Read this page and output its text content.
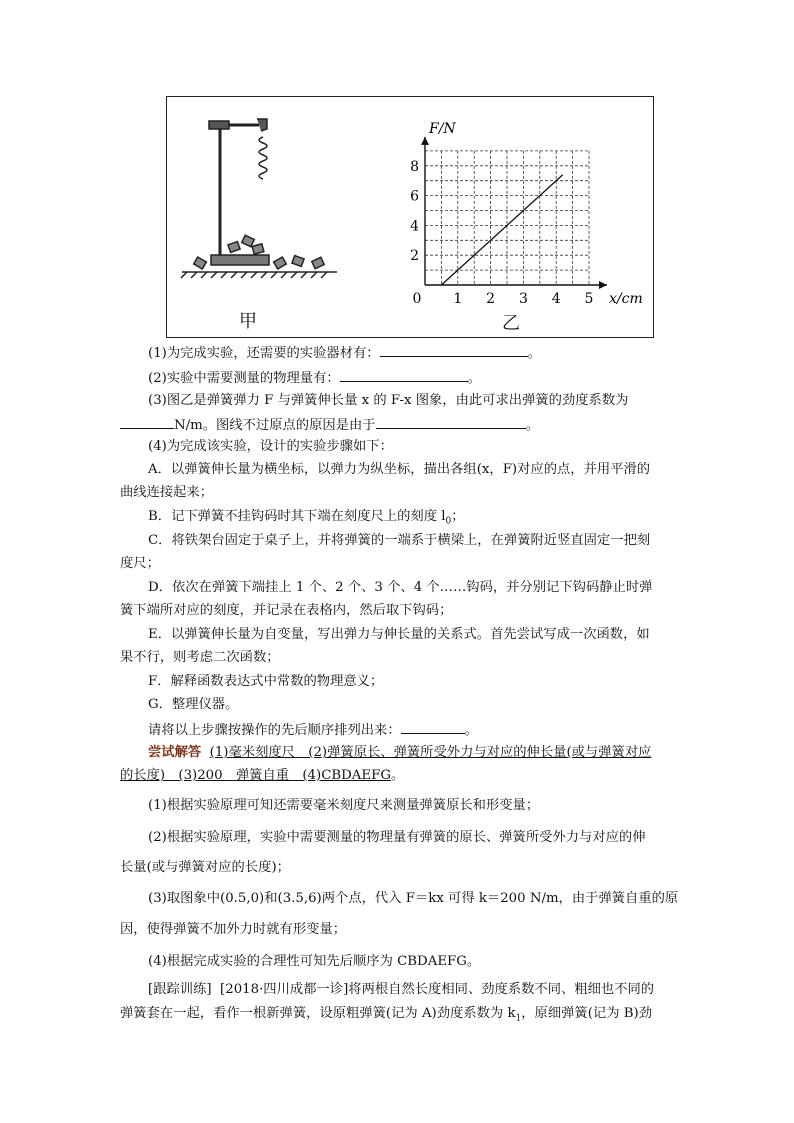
1 2 3 4 5
2
4
6
8
0	x/cm
F/N
甲	乙
(1)为完成实验，还需要的实验器材有：	。
(2)实验中需要测量的物理量有：	。
(3)图乙是弹簧弹力 F 与弹簧伸长量 x 的 F-x 图象，由此可求出弹簧的劲度系数为
N/m。图线不过原点的原因是由于	。
(4)为完成该实验，设计的实验步骤如下：
A．以弹簧伸长量为横坐标，以弹力为纵坐标，描出各组(x，F)对应的点，并用平滑的
曲线连接起来；
B．记下弹簧不挂钩码时其下端在刻度尺上的刻度 $l_0$；
C．将铁架台固定于桌子上，并将弹簧的一端系于横梁上，在弹簧附近竖直固定一把刻
度尺；
D．依次在弹簧下端挂上 1 个、2 个、3 个、4 个……钩码，并分别记下钩码静止时弹
簧下端所对应的刻度，并记录在表格内，然后取下钩码；
E．以弹簧伸长量为自变量，写出弹力与伸长量的关系式。首先尝试写成一次函数，如
果不行，则考虑二次函数；
F．解释函数表达式中常数的物理意义；
G．整理仪器。
请将以上步骤按操作的先后顺序排列出来：	。
尝试解答 (1)毫米刻度尺　(2)弹簧原长、弹簧所受外力与对应的伸长量(或与弹簧对应
的长度)　(3)200　弹簧自重　(4)CBDAEFG。
(1)根据实验原理可知还需要毫米刻度尺来测量弹簧原长和形变量；
(2)根据实验原理，实验中需要测量的物理量有弹簧的原长、弹簧所受外力与对应的伸
长量(或与弹簧对应的长度)；
(3)取图象中(0.5,0)和(3.5,6)两个点，代入 F＝kx 可得 k＝200 N/m，由于弹簧自重的原
因，使得弹簧不加外力时就有形变量；
(4)根据完成实验的合理性可知先后顺序为 CBDAEFG。
[跟踪训练] [2018·四川成都一诊]将两根自然长度相同、劲度系数不同、粗细也不同的
弹簧套在一起，看作一根新弹簧，设原粗弹簧(记为 A)劲度系数为 $k_1$，原细弹簧(记为 B)劲
